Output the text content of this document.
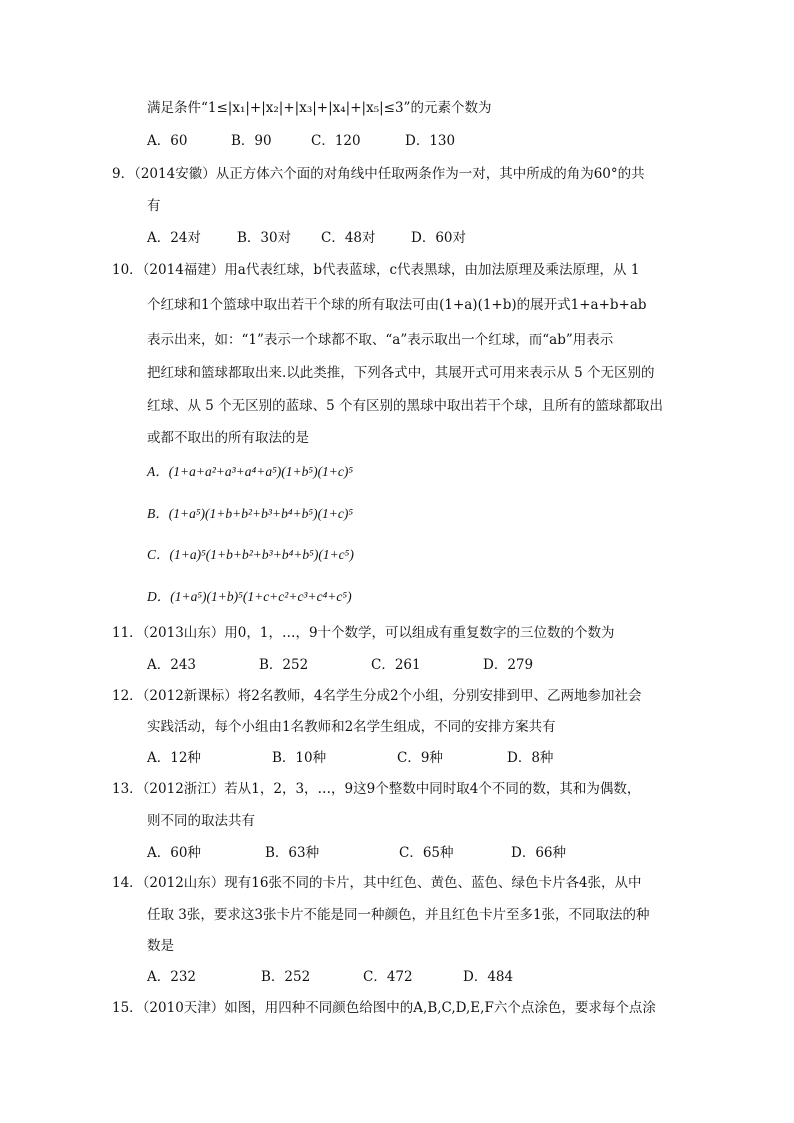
满足条件“1≤|x₁|+|x₂|+|x₃|+|x₄|+|x₅|≤3”的元素个数为
A．60	B．90	C．120	D．130
9．（2014安徽）从正方体六个面的对角线中任取两条作为一对，其中所成的角为60°的共
有
A．24对	B．30对 C．48对	D．60对
10．（2014福建）用a代表红球，b代表蓝球，c代表黑球，由加法原理及乘法原理，从 1
个红球和1个篮球中取出若干个球的所有取法可由(1+a)(1+b)的展开式1+a+b+ab
表示出来，如：“1”表示一个球都不取、“a”表示取出一个红球，而“ab”用表示
把红球和篮球都取出来.以此类推，下列各式中，其展开式可用来表示从 5 个无区别的
红球、从 5 个无区别的蓝球、5 个有区别的黑球中取出若干个球，且所有的篮球都取出
或都不取出的所有取法的是
A．(1+a+a²+a³+a⁴+a⁵)(1+b⁵)(1+c)⁵
B．(1+a⁵)(1+b+b²+b³+b⁴+b⁵)(1+c)⁵
C．(1+a)⁵(1+b+b²+b³+b⁴+b⁵)(1+c⁵)
D．(1+a⁵)(1+b)⁵(1+c+c²+c³+c⁴+c⁵)
11．（2013山东）用0，1，…，9十个数学，可以组成有重复数字的三位数的个数为
A．243	B．252	C．261	D．279
12．（2012新课标）将2名教师，4名学生分成2个小组，分别安排到甲、乙两地参加社会
实践活动，每个小组由1名教师和2名学生组成，不同的安排方案共有
A．12种	B．10种	C．9种	D．8种
13．（2012浙江）若从1，2，3，…，9这9个整数中同时取4个不同的数，其和为偶数，
则不同的取法共有
A．60种	B．63种	C．65种	D．66种
14．（2012山东）现有16张不同的卡片，其中红色、黄色、蓝色、绿色卡片各4张，从中
任取 3张，要求这3张卡片不能是同一种颜色，并且红色卡片至多1张，不同取法的种
数是
A．232	B．252	C．472	D．484
15．（2010天津）如图，用四种不同颜色给图中的A,B,C,D,E,F六个点涂色，要求每个点涂
